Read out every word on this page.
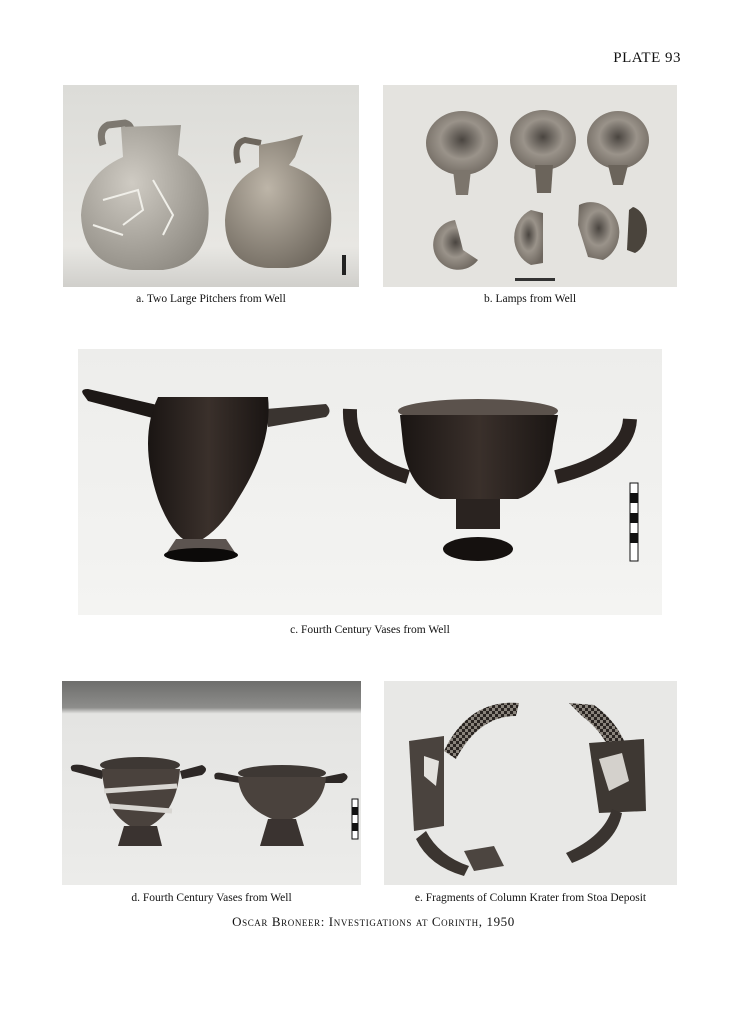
PLATE 93
a. Two Large Pitchers from Well	b. Lamps from Well
c. Fourth Century Vases from Well
d. Fourth Century Vases from Well	e. Fragments of Column Krater from Stoa Deposit
Oscar Broneer: Investigations at Corinth, 1950
